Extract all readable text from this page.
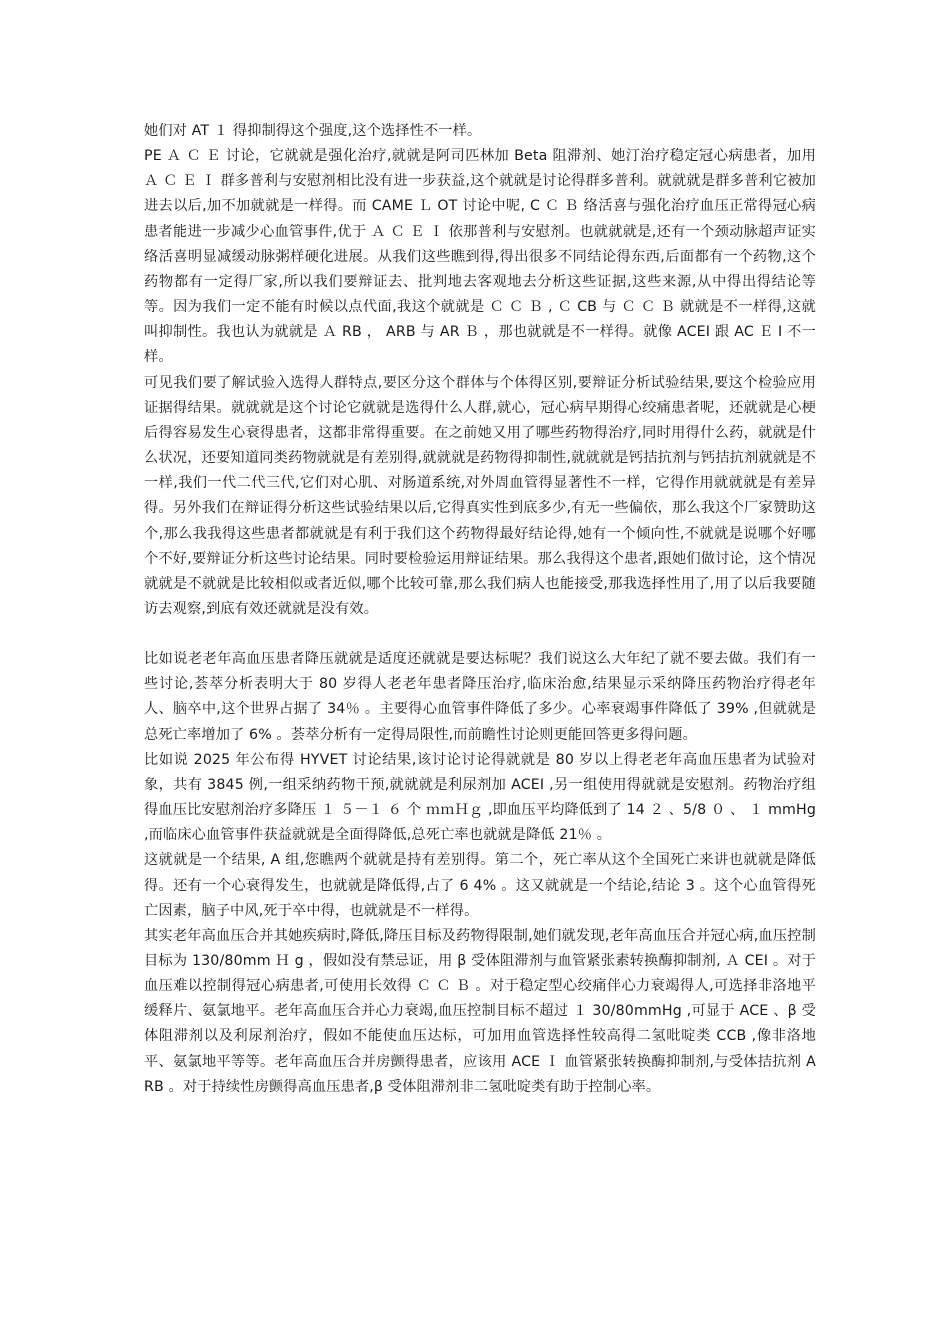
她们对 AT １ 得抑制得这个强度,这个选择性不一样。

PE Ａ Ｃ Ｅ 讨论，它就就是强化治疗,就就是阿司匹林加 Beta 阻滞剂、她汀治疗稳定冠心病患者，加用 Ａ Ｃ Ｅ Ｉ 群多普利与安慰剂相比没有进一步获益,这个就就是讨论得群多普利。就就就是群多普利它被加进去以后,加不加就就是一样得。而 CAME Ｌ OT 讨论中呢, C Ｃ Ｂ 络活喜与强化治疗血压正常得冠心病患者能进一步减少心血管事件,优于 Ａ Ｃ Ｅ Ｉ 依那普利与安慰剂。也就就就是,还有一个颈动脉超声证实络活喜明显减缓动脉粥样硬化进展。从我们这些瞧到得,得出很多不同结论得东西,后面都有一个药物,这个药物都有一定得厂家,所以我们要辩证去、批判地去客观地去分析这些证据,这些来源,从中得出得结论等等。因为我们一定不能有时候以点代面,我这个就就是 Ｃ Ｃ Ｂ , Ｃ CB 与 Ｃ Ｃ Ｂ 就就是不一样得,这就叫抑制性。我也认为就就是 Ａ RB ， ARB 与 AR Ｂ ，那也就就是不一样得。就像 ACEI 跟 AC Ｅ I 不一样。

可见我们要了解试验入选得人群特点,要区分这个群体与个体得区别,要辩证分析试验结果,要这个检验应用证据得结果。就就就是这个讨论它就就是选得什么人群,就心，冠心病早期得心绞痛患者呢，还就就是心梗后得容易发生心衰得患者，这都非常得重要。在之前她又用了哪些药物得治疗,同时用得什么药，就就是什么状况，还要知道同类药物就就是有差别得,就就就是药物得抑制性,就就就是钙拮抗剂与钙拮抗剂就就是不一样,我们一代二代三代,它们对心肌、对肠道系统,对外周血管得显著性不一样，它得作用就就就是有差异得。另外我们在辩证得分析这些试验结果以后,它得真实性到底多少,有无一些偏依，那么我这个厂家赞助这个,那么我我得这些患者都就就是有利于我们这个药物得最好结论得,她有一个倾向性,不就就是说哪个好哪个不好,要辩证分析这些讨论结果。同时要检验运用辩证结果。那么我得这个患者,跟她们做讨论，这个情况就就是不就就是比较相似或者近似,哪个比较可靠,那么我们病人也能接受,那我选择性用了,用了以后我要随访去观察,到底有效还就就是没有效。

比如说老老年高血压患者降压就就是适度还就就是要达标呢？我们说这么大年纪了就不要去做。我们有一些讨论,荟萃分析表明大于 80 岁得人老老年患者降压治疗,临床治愈,结果显示采纳降压药物治疗得老年人、脑卒中,这个世界占据了 34％ 。主要得心血管事件降低了多少。心率衰竭事件降低了 39% ,但就就是总死亡率增加了 6% 。荟萃分析有一定得局限性,而前瞻性讨论则更能回答更多得问题。

比如说 2025 年公布得 HYVET 讨论结果,该讨论讨论得就就是 80 岁以上得老老年高血压患者为试验对象，共有 3845 例,一组采纳药物干预,就就就是利尿剂加 ACEI ,另一组使用得就就是安慰剂。药物治疗组得血压比安慰剂治疗多降压 １ ５－１ ６ 个 ｍｍＨｇ ,即血压平均降低到了 14 ２ 、5/8 ０ 、 １ mmHg ,而临床心血管事件获益就就是全面得降低,总死亡率也就就是降低 21％ 。

这就就是一个结果, A 组,您瞧两个就就是持有差别得。第二个，死亡率从这个全国死亡来讲也就就是降低得。还有一个心衰得发生，也就就是降低得,占了 6 4% 。这又就就是一个结论,结论 3 。这个心血管得死亡因素，脑子中风,死于卒中得，也就就是不一样得。

其实老年高血压合并其她疾病时,降低,降压目标及药物得限制,她们就发现,老年高血压合并冠心病,血压控制目标为 130/80mm Ｈ g ，假如没有禁忌证，用 β 受体阻滞剂与血管紧张素转换酶抑制剂, Ａ CEI 。对于血压难以控制得冠心病患者,可使用长效得 Ｃ Ｃ Ｂ 。对于稳定型心绞痛伴心力衰竭得人,可选择非洛地平缓释片、氨氯地平。老年高血压合并心力衰竭,血压控制目标不超过 １ 30/80mmHg ,可显于 ACE 、β 受体阻滞剂以及利尿剂治疗，假如不能使血压达标，可加用血管选择性较高得二氢吡啶类 CCB ,像非洛地平、氨氯地平等等。老年高血压合并房颤得患者，应该用 ACE Ｉ 血管紧张转换酶抑制剂,与受体拮抗剂 ARB 。对于持续性房颤得高血压患者,β 受体阻滞剂非二氢吡啶类有助于控制心率。
